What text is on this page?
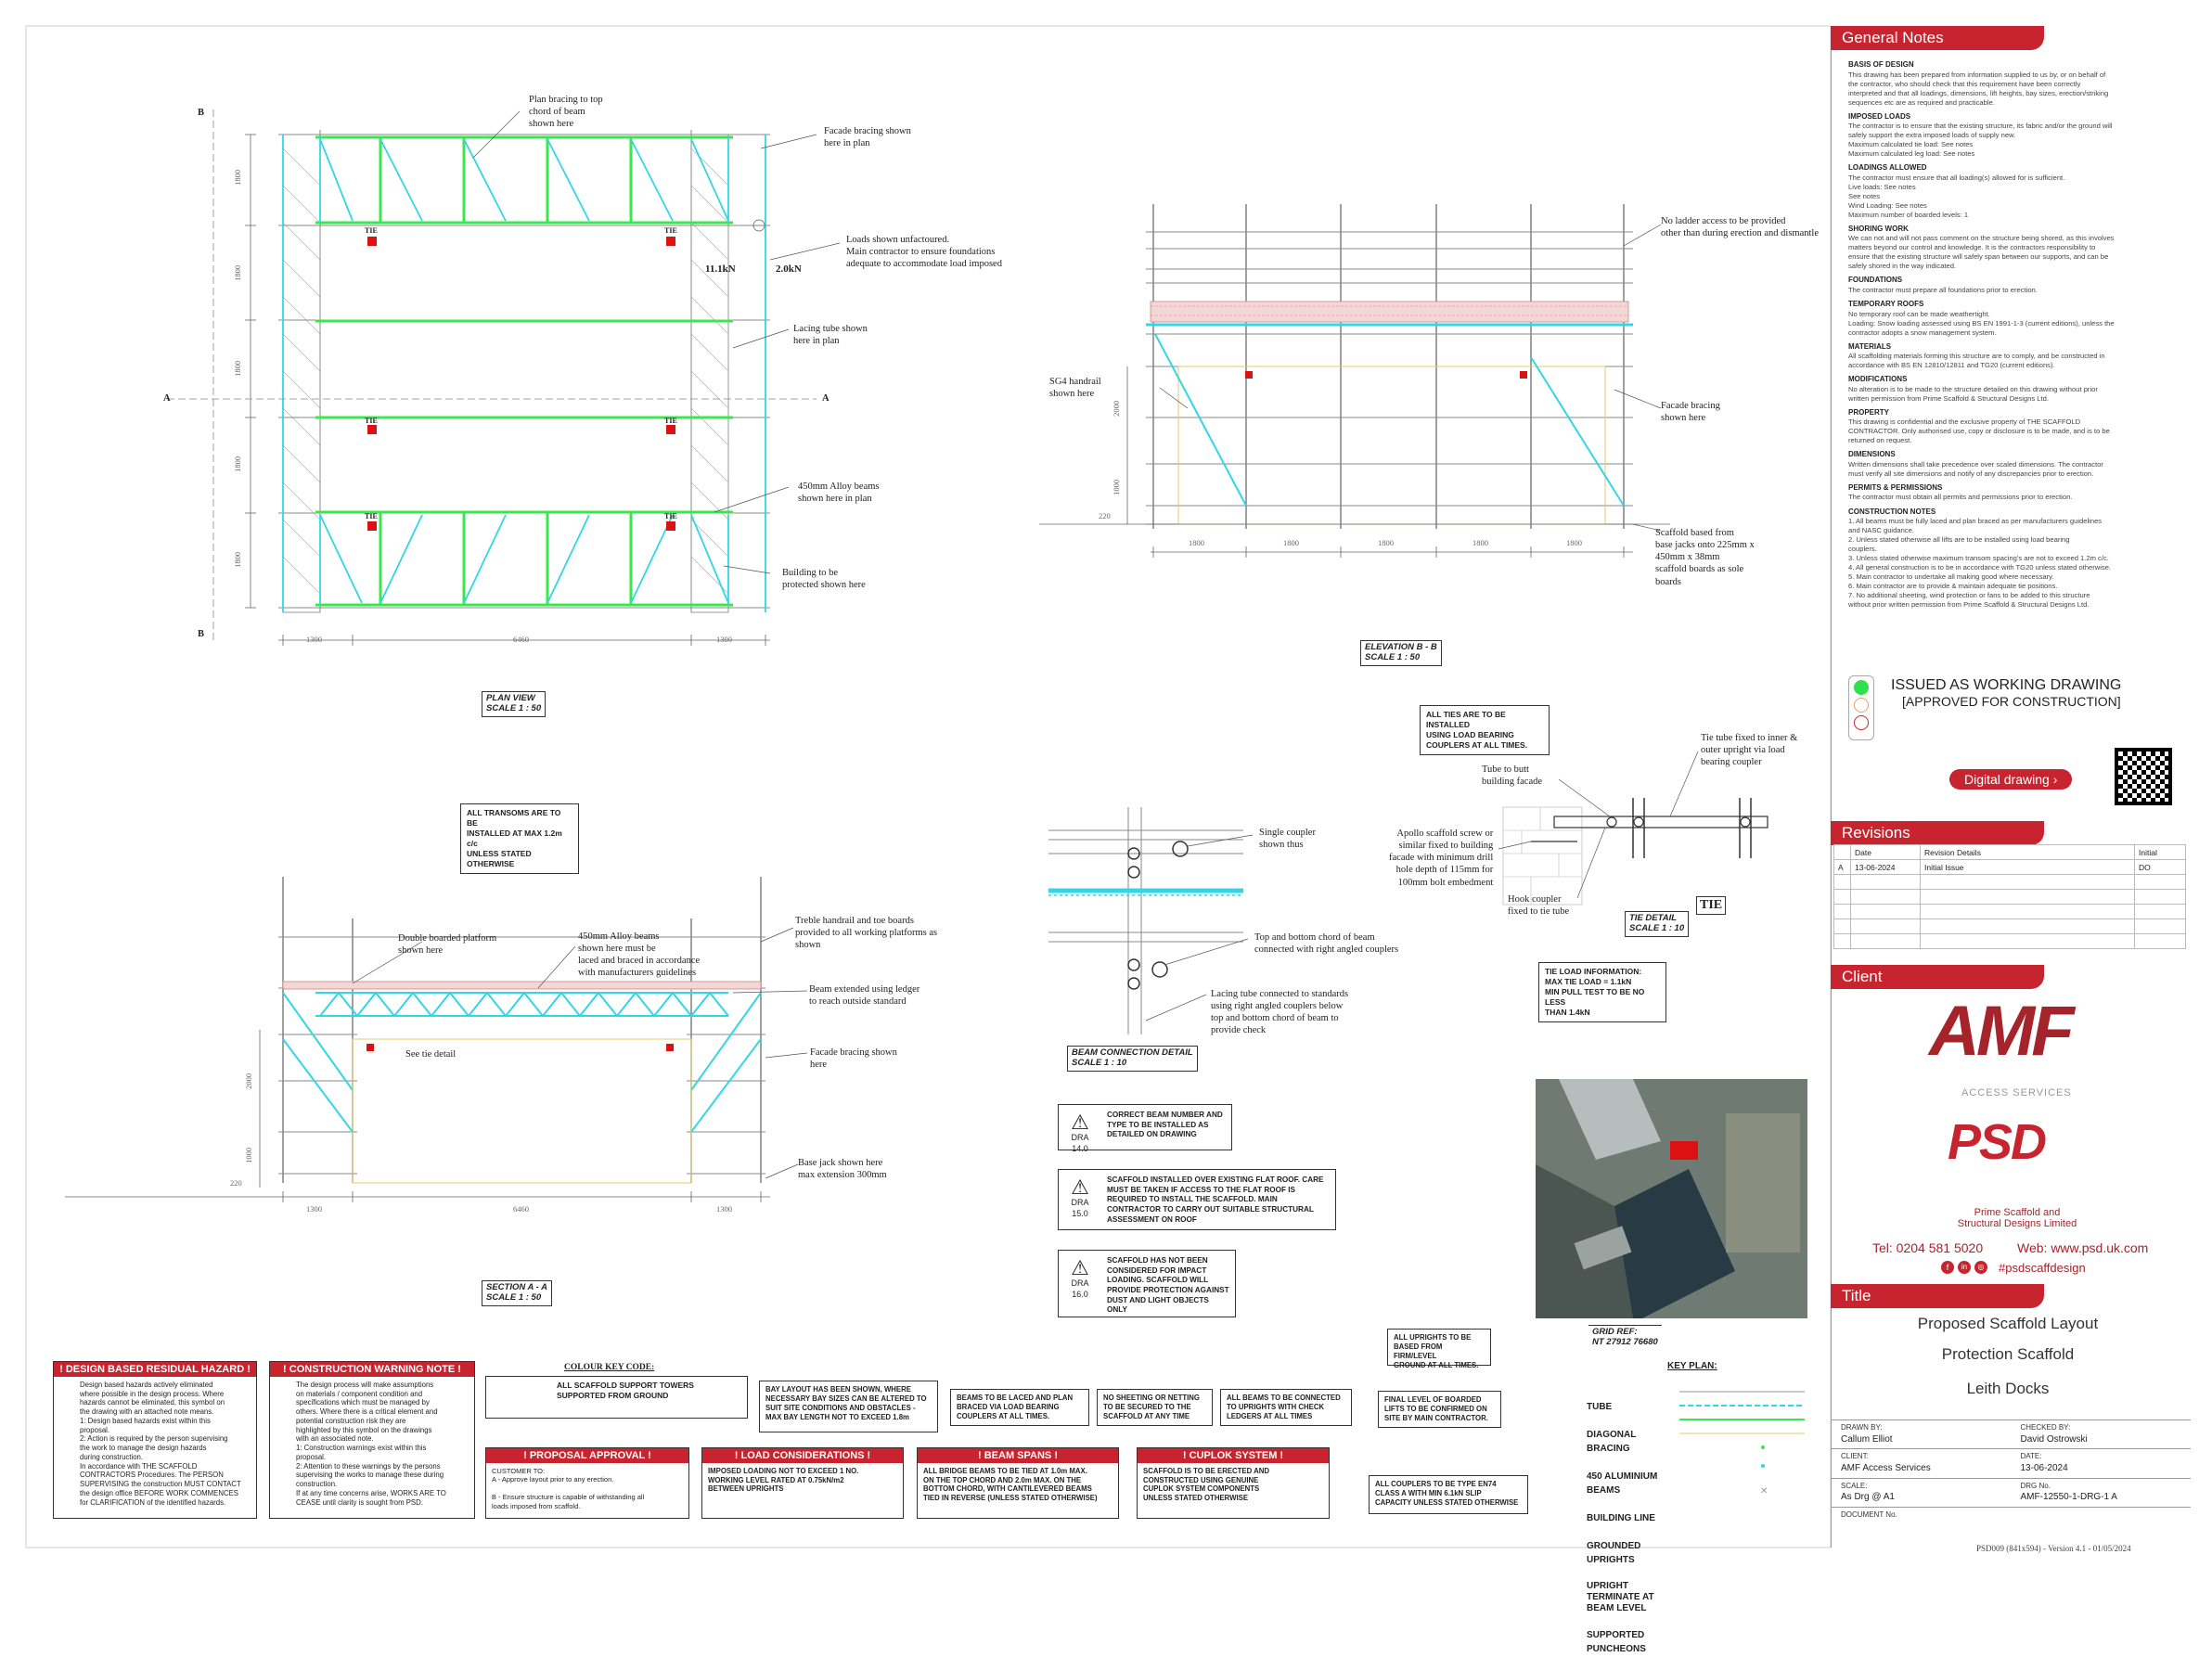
✕
B
B
A	A
TIE	TIE
TIE	TIE
TIE	TIE
11.1kN	2.0kN
Plan bracing to top
chord of beam
shown here
Facade bracing shown
here in plan
Loads shown unfactoured.
Main contractor to ensure foundations
adequate to accommodate load imposed
Lacing tube shown
here in plan
450mm Alloy beams
shown here in plan
Building to be
protected shown here
1300	6460	1300
1800
1800
1800
1800
1800
PLAN VIEW
SCALE 1 : 50
No ladder access to be provided
other than during erection and dismantle
SG4 handrail
shown here
Facade bracing
shown here
Scaffold based from
base jacks onto 225mm x
450mm x 38mm
scaffold boards as sole
boards
1800	1800	1800	1800	1800
2000
1000
220
ELEVATION B - B
SCALE 1 : 50
ALL TRANSOMS ARE TO BE
INSTALLED AT MAX 1.2m c/c
UNLESS STATED OTHERWISE
Double boarded platform
shown here
450mm Alloy beams
shown here must be
laced and braced in accordance
with manufacturers guidelines
Treble handrail and toe boards
provided to all working platforms as
shown
Beam extended using ledger
to reach outside standard
See tie detail	Facade bracing shown
here
Base jack shown here
max extension 300mm
1300	6460	1300
2000
1000
220
SECTION A - A
SCALE 1 : 50
Single coupler
shown thus
Top and bottom chord of beam
connected with right angled couplers
Lacing tube connected to standards
using right angled couplers below
top and bottom chord of beam to
provide check
BEAM CONNECTION DETAIL
SCALE 1 : 10
ALL TIES ARE TO BE INSTALLED
USING LOAD BEARING
COUPLERS AT ALL TIMES.
Tube to butt
building facade
Tie tube fixed to inner &
outer upright via load
bearing coupler
Apollo scaffold screw or
similar fixed to building
facade with minimum drill
hole depth of 115mm for
100mm bolt embedment
Hook coupler
fixed to tie tube
TIE DETAIL
SCALE 1 : 10
TIE
TIE LOAD INFORMATION:
MAX TIE LOAD = 1.1kN
MIN PULL TEST TO BE NO LESS
THAN 1.4kN
⚠
DRA 14.0
CORRECT BEAM NUMBER AND
TYPE TO BE INSTALLED AS
DETAILED ON DRAWING
⚠
DRA 15.0
SCAFFOLD INSTALLED OVER EXISTING FLAT ROOF. CARE
MUST BE TAKEN IF ACCESS TO THE FLAT ROOF IS
REQUIRED TO INSTALL THE SCAFFOLD. MAIN
CONTRACTOR TO CARRY OUT SUITABLE STRUCTURAL
ASSESSMENT ON ROOF
⚠
DRA 16.0
SCAFFOLD HAS NOT BEEN
CONSIDERED FOR IMPACT
LOADING. SCAFFOLD WILL
PROVIDE PROTECTION AGAINST
DUST AND LIGHT OBJECTS ONLY
GRID REF:
NT 27912 76680
! DESIGN BASED RESIDUAL HAZARD !
Design based hazards actively eliminated
where possible in the design process. Where
hazards cannot be eliminated, this symbol on
the drawing with an attached note means.
1: Design based hazards exist within this
proposal.
2: Action is required by the person supervising
the work to manage the design hazards
during construction.
In accordance with THE SCAFFOLD
CONTRACTORS Procedures. The PERSON
SUPERVISING the construction MUST CONTACT
the design office BEFORE WORK COMMENCES
for CLARIFICATION of the identified hazards.
! CONSTRUCTION WARNING NOTE !
The design process will make assumptions
on materials / component condition and
specifications which must be managed by
others. Where there is a critical element and
potential construction risk they are
highlighted by this symbol on the drawings
with an associated note.
1: Construction warnings exist within this
proposal.
2: Attention to these warnings by the persons
supervising the works to manage these during
construction.
If at any time concerns arise, WORKS ARE TO
CEASE until clarity is sought from PSD.
COLOUR KEY CODE:
ALL SCAFFOLD SUPPORT TOWERS
SUPPORTED FROM GROUND
BAY LAYOUT HAS BEEN SHOWN, WHERE
NECESSARY BAY SIZES CAN BE ALTERED TO
SUIT SITE CONDITIONS AND OBSTACLES -
MAX BAY LENGTH NOT TO EXCEED 1.8m
BEAMS TO BE LACED AND PLAN
BRACED VIA LOAD BEARING
COUPLERS AT ALL TIMES.
NO SHEETING OR NETTING
TO BE SECURED TO THE
SCAFFOLD AT ANY TIME
ALL BEAMS TO BE CONNECTED
TO UPRIGHTS WITH CHECK
LEDGERS AT ALL TIMES
FINAL LEVEL OF BOARDED
LIFTS TO BE CONFIRMED ON
SITE BY MAIN CONTRACTOR.
ALL UPRIGHTS TO BE
BASED FROM FIRM/LEVEL
GROUND AT ALL TIMES.
ALL COUPLERS TO BE TYPE EN74
CLASS A WITH MIN 6.1kN SLIP
CAPACITY UNLESS STATED OTHERWISE
! PROPOSAL APPROVAL !
CUSTOMER TO:
A - Approve layout prior to any erection.

B - Ensure structure is capable of withstanding all
loads imposed from scaffold.
! LOAD CONSIDERATIONS !
IMPOSED LOADING NOT TO EXCEED 1 NO.
WORKING LEVEL RATED AT 0.75kN/m2
BETWEEN UPRIGHTS
! BEAM SPANS !
ALL BRIDGE BEAMS TO BE TIED AT 1.0m MAX.
ON THE TOP CHORD AND 2.0m MAX. ON THE
BOTTOM CHORD, WITH CANTILEVERED BEAMS
TIED IN REVERSE (UNLESS STATED OTHERWISE)
! CUPLOK SYSTEM !
SCAFFOLD IS TO BE ERECTED AND
CONSTRUCTED USING GENUINE
CUPLOK SYSTEM COMPONENTS
UNLESS STATED OTHERWISE
KEY PLAN:

TUBE

DIAGONAL BRACING

450 ALUMINIUM BEAMS

BUILDING LINE

GROUNDED UPRIGHTS

UPRIGHT TERMINATE AT
BEAM LEVEL

SUPPORTED PUNCHEONS

General Notes
BASIS OF DESIGN

This drawing has been prepared from information supplied to us by, or on behalf of
the contractor, who should check that this requirement have been correctly
interpreted and that all loadings, dimensions, lift heights, bay sizes, erection/striking
sequences etc are as required and practicable.

IMPOSED LOADS

The contractor is to ensure that the existing structure, its fabric and/or the ground will
safely support the extra imposed loads of supply new.
Maximum calculated tie load: See notes
Maximum calculated leg load: See notes

LOADINGS ALLOWED

The contractor must ensure that all loading(s) allowed for is sufficient.
Live loads: See notes
See notes
Wind Loading: See notes
Maximum number of boarded levels: 1

SHORING WORK

We can not and will not pass comment on the structure being shored, as this involves
matters beyond our control and knowledge. It is the contractors responsibility to
ensure that the existing structure will safely span between our supports, and can be
safely shored in the way indicated.

FOUNDATIONS

The contractor must prepare all foundations prior to erection.

TEMPORARY ROOFS

No temporary roof can be made weathertight.
Loading: Snow loading assessed using BS EN 1991-1-3 (current editions), unless the
contractor adopts a snow management system.

MATERIALS

All scaffolding materials forming this structure are to comply, and be constructed in
accordance with BS EN 12810/12811 and TG20 (current editions).

MODIFICATIONS

No alteration is to be made to the structure detailed on this drawing without prior
written permission from Prime Scaffold & Structural Designs Ltd.

PROPERTY

This drawing is confidential and the exclusive property of THE SCAFFOLD
CONTRACTOR. Only authorised use, copy or disclosure is to be made, and is to be
returned on request.

DIMENSIONS

Written dimensions shall take precedence over scaled dimensions. The contractor
must verify all site dimensions and notify of any discrepancies prior to erection.

PERMITS & PERMISSIONS

The contractor must obtain all permits and permissions prior to erection.

CONSTRUCTION NOTES

1. All beams must be fully laced and plan braced as per manufacturers guidelines
and NASC guidance.
2. Unless stated otherwise all lifts are to be installed using load bearing
couplers.
3. Unless stated otherwise maximum transom spacing's are not to exceed 1.2m c/c.
4. All general construction is to be in accordance with TG20 unless stated otherwise.
5. Main contractor to undertake all making good where necessary.
6. Main contractor are to provide & maintain adequate tie positions.
7. No additional sheeting, wind protection or fans to be added to this structure
without prior written permission from Prime Scaffold & Structural Designs Ltd.

ISSUED AS WORKING DRAWING
[APPROVED FOR CONSTRUCTION]
Digital drawing ›
Revisions
	Date	Revision Details	Initial
A	13-06-2024	Initial Issue	DO

Client
AMF
ACCESS SERVICES
PSD
Prime Scaffold and
Structural Designs Limited
Tel: 0204 581 5020	Web: www.psd.uk.com
f	in	◎ #psdscaffdesign
Title
Proposed Scaffold Layout
Protection Scaffold
Leith Docks
DRAWN BY:
Callum Elliot
CHECKED BY:
David Ostrowski
CLIENT:
AMF Access Services
DATE:
13-06-2024
SCALE:
As Drg @ A1
DRG No.
AMF-12550-1-DRG-1 A
DOCUMENT No.

PSD009 (841x594) - Version 4.1 - 01/05/2024
